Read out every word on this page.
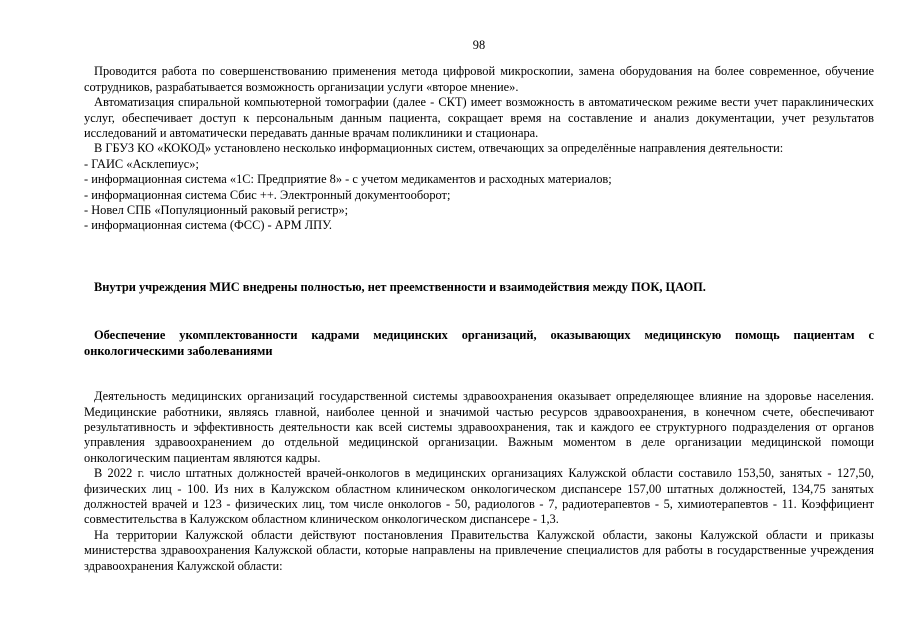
98

Проводится работа по совершенствованию применения метода цифровой микроскопии, замена оборудования на более современное, обучение сотрудников, разрабатывается возможность организации услуги «второе мнение».

Автоматизация спиральной компьютерной томографии (далее - СКТ) имеет возможность в автоматическом режиме вести учет параклинических услуг, обеспечивает доступ к персональным данным пациента, сокращает время на составление и анализ документации, учет результатов исследований и автоматически передавать данные врачам поликлиники и стационара.

В ГБУЗ КО «КОКОД» установлено несколько информационных систем, отвечающих за определённые направления деятельности:

- ГАИС «Асклепиус»;

- информационная система «1С: Предприятие 8» - с учетом медикаментов и расходных материалов;

- информационная система Сбис ++. Электронный документооборот;

- Новел СПБ «Популяционный раковый регистр»;

- информационная система (ФСС) - АРМ ЛПУ.

Внутри учреждения МИС внедрены полностью, нет преемственности и взаимодействия между ПОК, ЦАОП.

Обеспечение укомплектованности кадрами медицинских организаций, оказывающих медицинскую помощь пациентам с онкологическими заболеваниями

Деятельность медицинских организаций государственной системы здравоохранения оказывает определяющее влияние на здоровье населения. Медицинские работники, являясь главной, наиболее ценной и значимой частью ресурсов здравоохранения, в конечном счете, обеспечивают результативность и эффективность деятельности как всей системы здравоохранения, так и каждого ее структурного подразделения от органов управления здравоохранением до отдельной медицинской организации. Важным моментом в деле организации медицинской помощи онкологическим пациентам являются кадры.

В 2022 г. число штатных должностей врачей-онкологов в медицинских организациях Калужской области составило 153,50, занятых - 127,50, физических лиц - 100. Из них в Калужском областном клиническом онкологическом диспансере 157,00 штатных должностей, 134,75 занятых должностей врачей и 123 - физических лиц, том числе онкологов - 50, радиологов - 7, радиотерапевтов - 5, химиотерапевтов - 11. Коэффициент совместительства в Калужском областном клиническом онкологическом диспансере - 1,3.

На территории Калужской области действуют постановления Правительства Калужской области, законы Калужской области и приказы министерства здравоохранения Калужской области, которые направлены на привлечение специалистов для работы в государственные учреждения здравоохранения Калужской области:
